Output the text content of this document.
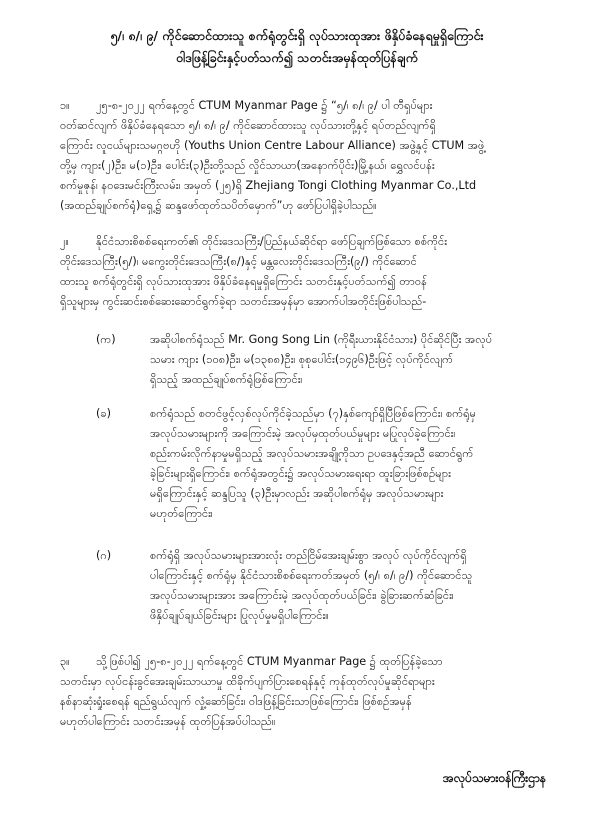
၅/၊ ၈/၊ ၉/ ကိုင်ဆောင်ထားသူ စက်ရုံတွင်းရှိ လုပ်သားထုအား ဖိနှိပ်ခံနေရမှုရှိကြောင်း
ဝါဒဖြန့်ခြင်းနှင့်ပတ်သက်၍ သတင်းအမှန်ထုတ်ပြန်ချက်
၁။	၂၅-၈-၂၀၂၂ ရက်နေ့တွင် CTUM Myanmar Page ၌ “၅/၊ ၈/၊ ၉/ ပါ တီရှပ်များ
ဝတ်ဆင်လျက် ဖိနှိပ်ခံနေရသော ၅/၊ ၈/၊ ၉/ ကိုင်ဆောင်ထားသူ လုပ်သားတို့နှင့် ရပ်တည်လျက်ရှိ
ကြောင်း လူငယ်များသမဂ္ဂဗဟို (Youths Union Centre Labour Alliance) အဖွဲ့နှင့် CTUM အဖွဲ့
တို့မှ ကျား(၂)ဦး၊ မ(၁)ဦး၊ ပေါင်း(၃)ဦးတို့သည် လှိုင်သာယာ(အနောက်ပိုင်း)မြို့နယ်၊ ရွှေလင်ပန်း
စက်မှုဇုန်၊ နဝဒေးမင်းကြီးလမ်း၊ အမှတ် (၂၅)ရှိ Zhejiang Tongi Clothing Myanmar Co.,Ltd
(အထည်ချုပ်စက်ရုံ)ရှေ့၌ ဆန္ဒဖော်ထုတ်သပိတ်မှောက်”ဟု ဖော်ပြပါရှိခဲ့ပါသည်။
၂။	နိုင်ငံသားစိစစ်ရေးကတ်၏ တိုင်းဒေသကြီး/ပြည်နယ်ဆိုင်ရာ ဖော်ပြချက်ဖြစ်သော စစ်ကိုင်း
တိုင်းဒေသကြီး(၅/)၊ မကွေးတိုင်းဒေသကြီး(၈/)နှင့် မန္တလေးတိုင်းဒေသကြီး(၉/) ကိုင်ဆောင်
ထားသူ စက်ရုံတွင်းရှိ လုပ်သားထုအား ဖိနှိပ်ခံနေရမှုရှိကြောင်း သတင်းနှင့်ပတ်သက်၍ တာဝန်
ရှိသူများမှ ကွင်းဆင်းစစ်ဆေးဆောင်ရွက်ခဲ့ရာ သတင်းအမှန်မှာ အောက်ပါအတိုင်းဖြစ်ပါသည်-
(က)	အဆိုပါစက်ရုံသည် Mr. Gong Song Lin (ကိုရီးယားနိုင်ငံသား) ပိုင်ဆိုင်ပြီး အလုပ်
သမား ကျား (၁၀၈)ဦး၊ မ(၁၃၈၈)ဦး၊ စုစုပေါင်း(၁၄၉၆)ဦးဖြင့် လုပ်ကိုင်လျက်
ရှိသည့် အထည်ချုပ်စက်ရုံဖြစ်ကြောင်း၊
(ခ)	စက်ရုံသည် စတင်ဖွင့်လှစ်လုပ်ကိုင်ခဲ့သည်မှာ (၇)နှစ်ကျော်ရှိပြီဖြစ်ကြောင်း၊ စက်ရုံမှ
အလုပ်သမားများကို အကြောင်းမဲ့ အလုပ်မှထုတ်ပယ်မှုများ မပြုလုပ်ခဲ့ကြောင်း၊
စည်းကမ်းလိုက်နာမှုမရှိသည့် အလုပ်သမားအချို့ကိုသာ ဥပဒေနှင့်အညီ ဆောင်ရွက်
ခဲ့ခြင်းများရှိကြောင်း၊ စက်ရုံအတွင်း၌ အလုပ်သမားရေးရာ ထူးခြားဖြစ်စဉ်များ
မရှိကြောင်းနှင့် ဆန္ဒပြသူ (၃)ဦးမှာလည်း အဆိုပါစက်ရုံမှ အလုပ်သမားများ
မဟုတ်ကြောင်း၊
(ဂ)	စက်ရုံရှိ အလုပ်သမားများအားလုံး တည်ငြိမ်အေးချမ်းစွာ အလုပ် လုပ်ကိုင်လျက်ရှိ
ပါကြောင်းနှင့် စက်ရုံမှ နိုင်ငံသားစိစစ်ရေးကတ်အမှတ် (၅/၊ ၈/၊ ၉/) ကိုင်ဆောင်သူ
အလုပ်သမားများအား အကြောင်းမဲ့ အလုပ်ထုတ်ပယ်ခြင်း၊ ခွဲခြားဆက်ဆံခြင်း၊
ဖိနှိပ်ချုပ်ချယ်ခြင်းများ ပြုလုပ်မှုမရှိပါကြောင်း။
၃။	သို့ဖြစ်ပါ၍ ၂၅-၈-၂၀၂၂ ရက်နေ့တွင် CTUM Myanmar Page ၌ ထုတ်ပြန်ခဲ့သော
သတင်းမှာ လုပ်ငန်းခွင်အေးချမ်းသာယာမှု ထိခိုက်ပျက်ပြားစေရန်နှင့် ကုန်ထုတ်လုပ်မှုဆိုင်ရာများ
နစ်နာဆုံးရှုံးစေရန် ရည်ရွယ်လျက် လှုံ့ဆော်ခြင်း၊ ဝါဒဖြန့်ခြင်းသာဖြစ်ကြောင်း၊ ဖြစ်စဉ်အမှန်
မဟုတ်ပါကြောင်း သတင်းအမှန် ထုတ်ပြန်အပ်ပါသည်။
အလုပ်သမားဝန်ကြီးဌာန
